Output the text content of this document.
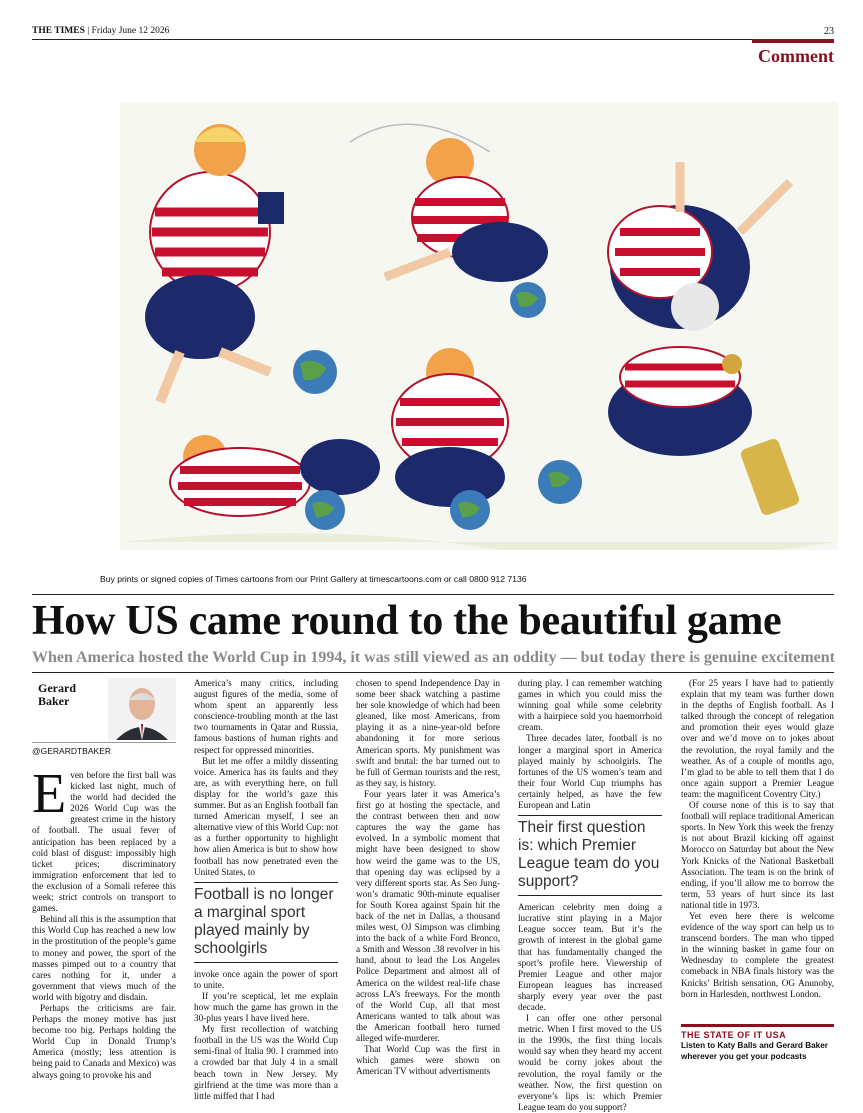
THE TIMES | Friday June 12 2026	23
Comment
Buy prints or signed copies of Times cartoons from our Print Gallery at timescartoons.com or call 0800 912 7136
How US came round to the beautiful game
When America hosted the World Cup in 1994, it was still viewed as an oddity — but today there is genuine excitement
Gerard
Baker
@GERARDTBAKER

Even before the first ball was kicked last night, much of the world had decided the 2026 World Cup was the greatest crime in the history of football. The usual fever of anticipation has been replaced by a cold blast of disgust: impossibly high ticket prices; discriminatory immigration enforcement that led to the exclusion of a Somali referee this week; strict controls on transport to games.

Behind all this is the assumption that this World Cup has reached a new low in the prostitution of the people’s game to money and power, the sport of the masses pimped out to a country that cares nothing for it, under a government that views much of the world with bigotry and disdain.

Perhaps the criticisms are fair. Perhaps the money motive has just become too big. Perhaps holding the World Cup in Donald Trump’s America (mostly; less attention is being paid to Canada and Mexico) was always going to provoke his and

America’s many critics, including august figures of the media, some of whom spent an apparently less conscience-troubling month at the last two tournaments in Qatar and Russia, famous bastions of human rights and respect for oppressed minorities.

But let me offer a mildly dissenting voice. America has its faults and they are, as with everything here, on full display for the world’s gaze this summer. But as an English football fan turned American myself, I see an alternative view of this World Cup: not as a further opportunity to highlight how alien America is but to show how football has now penetrated even the United States, to

Football is no longer a marginal sport played mainly by schoolgirls

invoke once again the power of sport to unite.

If you’re sceptical, let me explain how much the game has grown in the 30-plus years I have lived here.

My first recollection of watching football in the US was the World Cup semi-final of Italia 90. I crammed into a crowded bar that July 4 in a small beach town in New Jersey. My girlfriend at the time was more than a little miffed that I had

chosen to spend Independence Day in some beer shack watching a pastime her sole knowledge of which had been gleaned, like most Americans, from playing it as a nine-year-old before abandoning it for more serious American sports. My punishment was swift and brutal: the bar turned out to be full of German tourists and the rest, as they say, is history.

Four years later it was America’s first go at hosting the spectacle, and the contrast between then and now captures the way the game has evolved. In a symbolic moment that might have been designed to show how weird the game was to the US, that opening day was eclipsed by a very different sports star. As Seo Jung-won’s dramatic 90th-minute equaliser for South Korea against Spain hit the back of the net in Dallas, a thousand miles west, OJ Simpson was climbing into the back of a white Ford Bronco, a Smith and Wesson .38 revolver in his hand, about to lead the Los Angeles Police Department and almost all of America on the wildest real-life chase across LA’s freeways. For the month of the World Cup, all that most Americans wanted to talk about was the American football hero turned alleged wife-murderer.

That World Cup was the first in which games were shown on American TV without advertisments

during play. I can remember watching games in which you could miss the winning goal while some celebrity with a hairpiece sold you haemorrhoid cream.

Three decades later, football is no longer a marginal sport in America played mainly by schoolgirls. The fortunes of the US women’s team and their four World Cup triumphs has certainly helped, as have the few European and Latin

Their first question is: which Premier League team do you support?

American celebrity men doing a lucrative stint playing in a Major League soccer team. But it’s the growth of interest in the global game that has fundamentally changed the sport’s profile here. Viewership of Premier League and other major European leagues has increased sharply every year over the past decade.

I can offer one other personal metric. When I first moved to the US in the 1990s, the first thing locals would say when they heard my accent would be corny jokes about the revolution, the royal family or the weather. Now, the first question on everyone’s lips is: which Premier League team do you support?

(For 25 years I have had to patiently explain that my team was further down in the depths of English football. As I talked through the concept of relegation and promotion their eyes would glaze over and we’d move on to jokes about the revolution, the royal family and the weather. As of a couple of months ago, I’m glad to be able to tell them that I do once again support a Premier League team: the magnificent Coventry City.)

Of course none of this is to say that football will replace traditional American sports. In New York this week the frenzy is not about Brazil kicking off against Morocco on Saturday but about the New York Knicks of the National Basketball Association. The team is on the brink of ending, if you’ll allow me to borrow the term, 53 years of hurt since its last national title in 1973.

Yet even here there is welcome evidence of the way sport can help us to transcend borders. The man who tipped in the winning basket in game four on Wednesday to complete the greatest comeback in NBA finals history was the Knicks’ British sensation, OG Anunoby, born in Harlesden, northwest London.

THE STATE OF IT USA
Listen to Katy Balls and Gerard Baker wherever you get your podcasts
